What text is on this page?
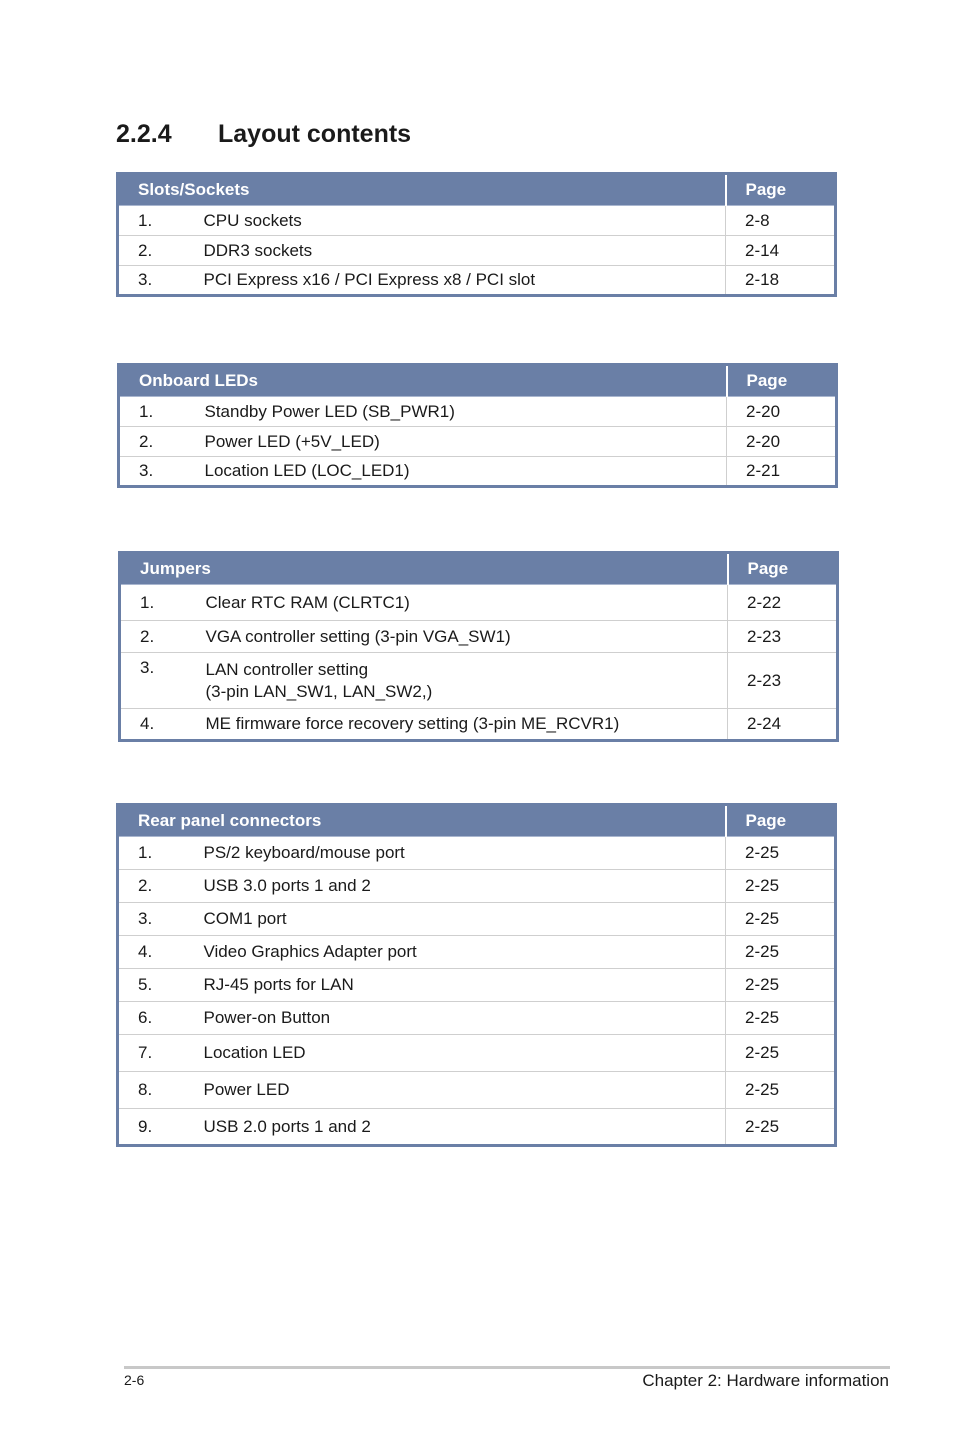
2.2.4 Layout contents
Slots/Sockets		Page
1.	CPU sockets	2-8
2.	DDR3 sockets	2-14
3.	PCI Express x16 / PCI Express x8 / PCI slot	2-18
Onboard LEDs		Page
1.	Standby Power LED (SB_PWR1)	2-20
2.	Power LED (+5V_LED)	2-20
3.	Location LED (LOC_LED1)	2-21
Jumpers		Page
1.	Clear RTC RAM (CLRTC1)	2-22
2.	VGA controller setting (3-pin VGA_SW1)	2-23
3.	LAN controller setting
(3-pin LAN_SW1, LAN_SW2,)	2-23
4.	ME firmware force recovery setting (3-pin ME_RCVR1)	2-24
Rear panel connectors		Page
1.	PS/2 keyboard/mouse port	2-25
2.	USB 3.0 ports 1 and 2	2-25
3.	COM1 port	2-25
4.	Video Graphics Adapter port	2-25
5.	RJ-45 ports for LAN	2-25
6.	Power-on Button	2-25
7.	Location LED	2-25
8.	Power LED	2-25
9.	USB 2.0 ports 1 and 2	2-25
2-6	Chapter 2: Hardware information
